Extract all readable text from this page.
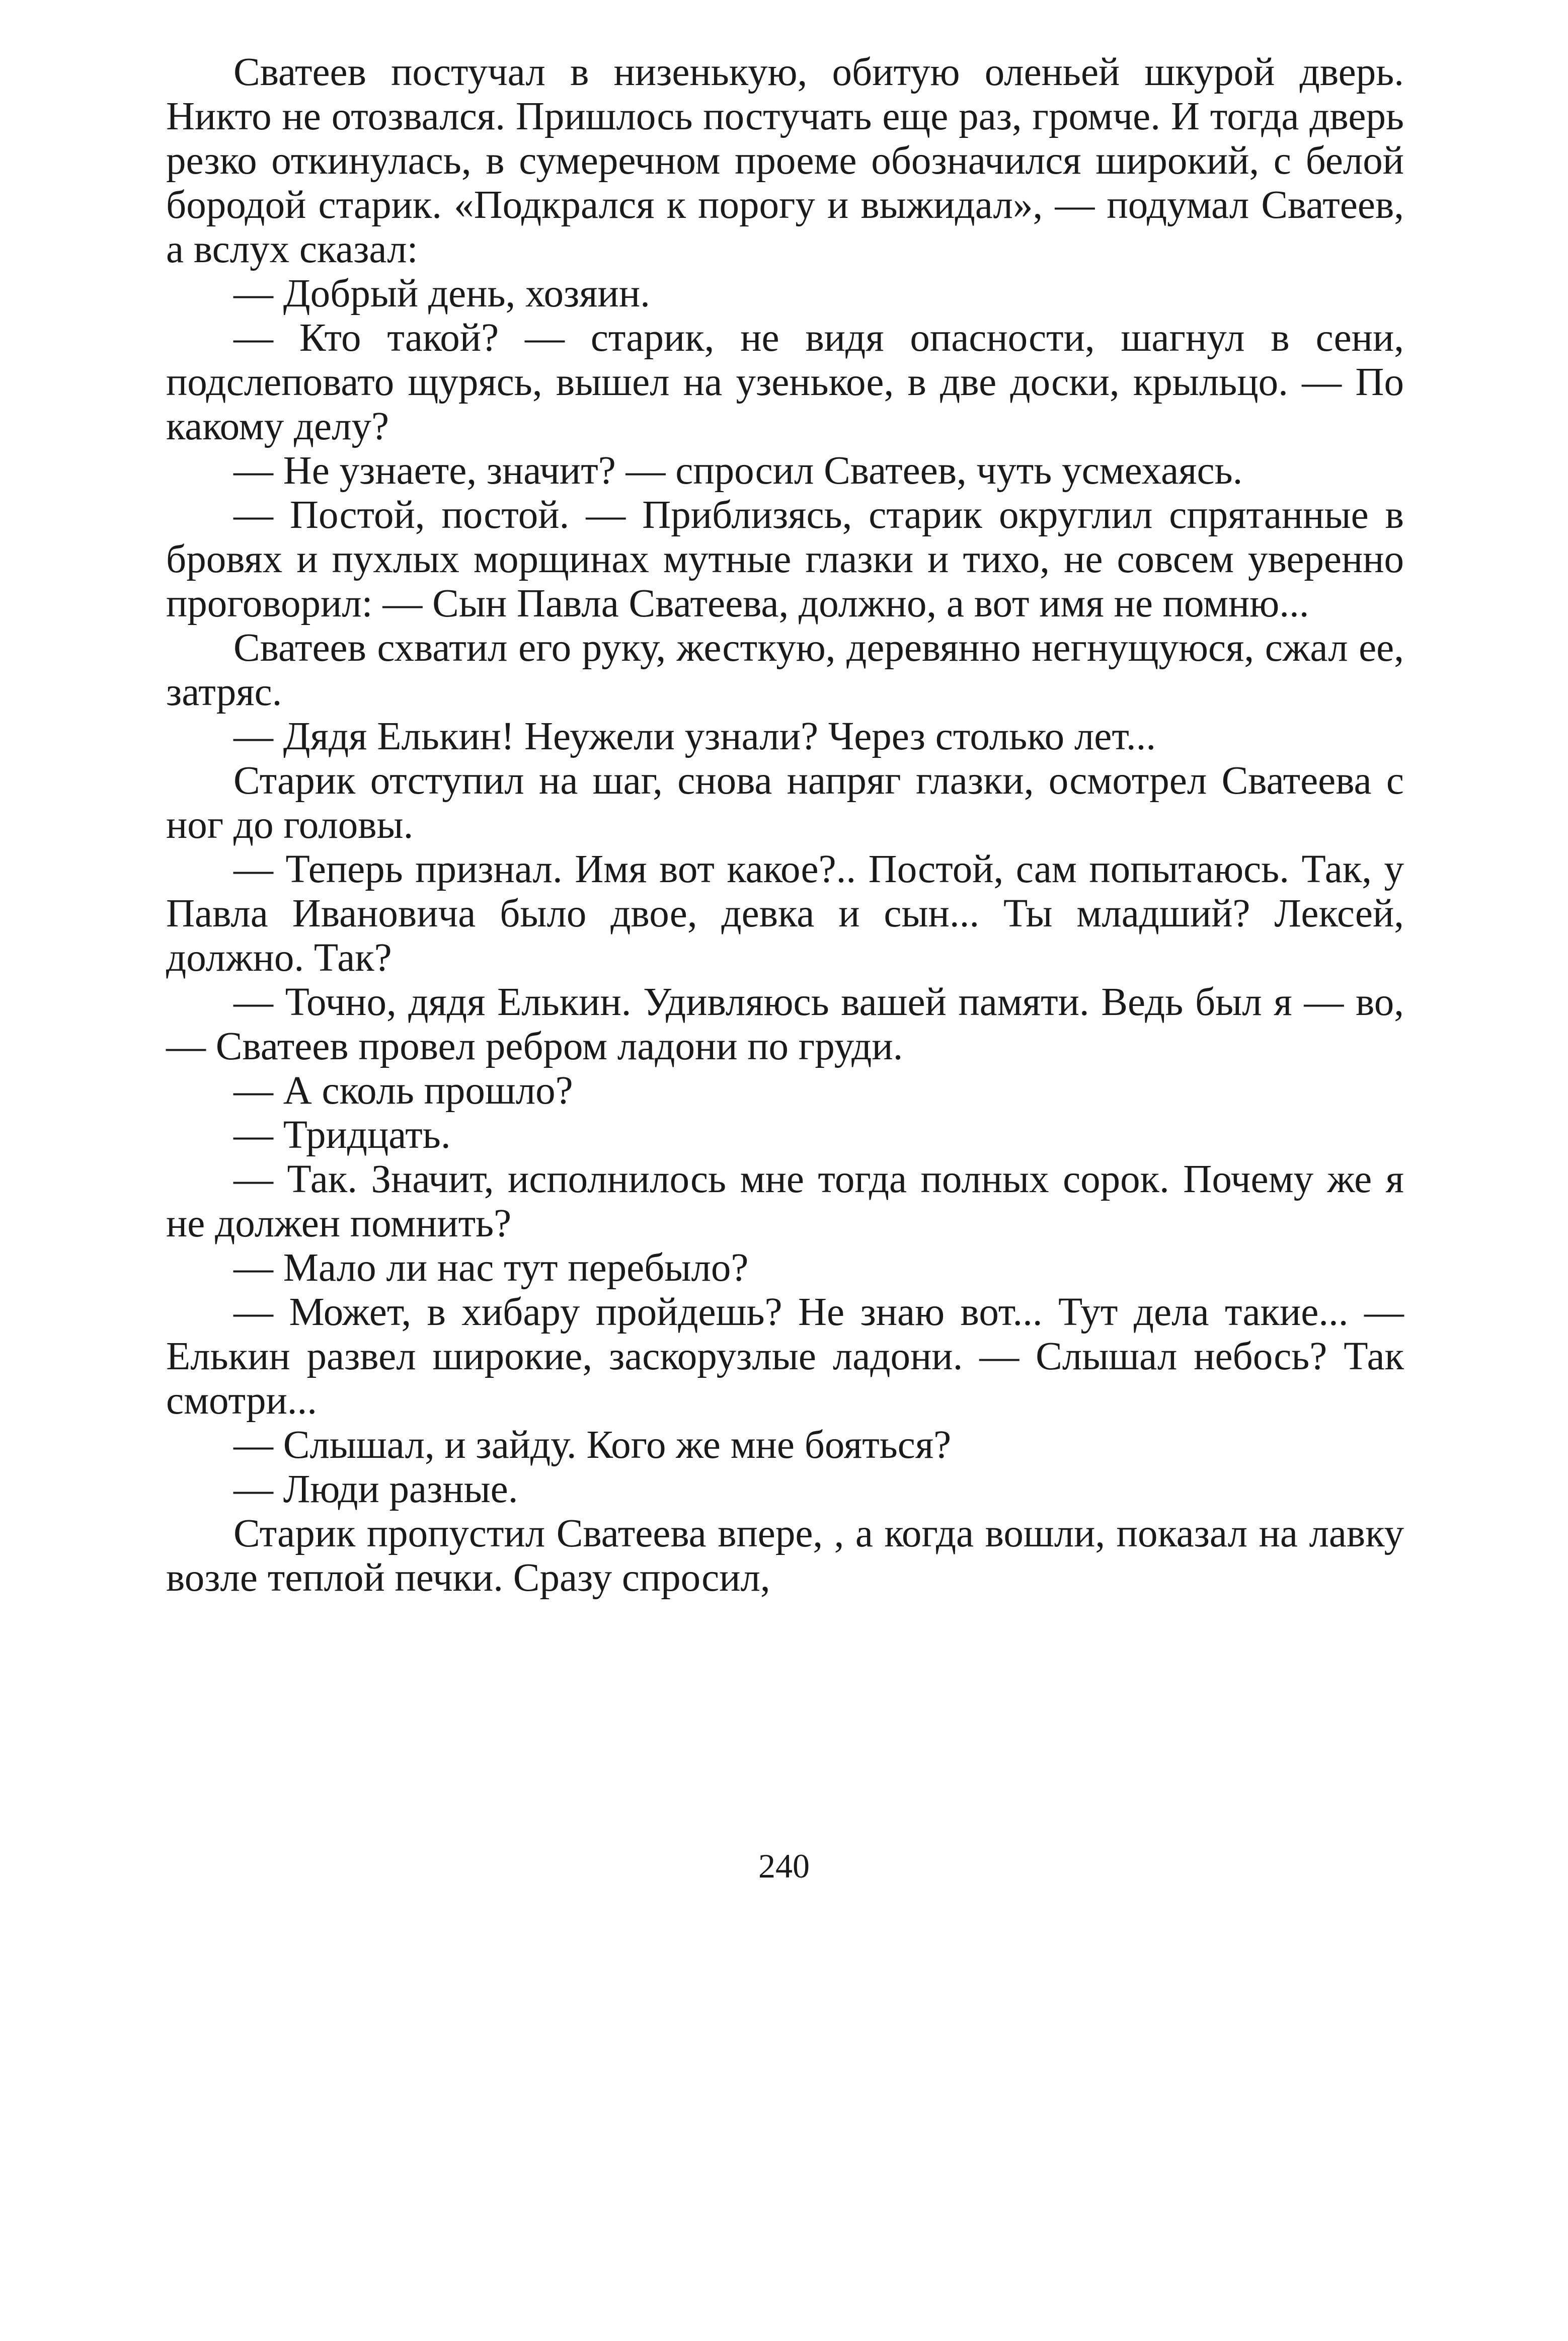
Сватеев постучал в низенькую, обитую оленьей шкурой дверь. Никто не отозвался. Пришлось постучать еще раз, громче. И тогда дверь резко откинулась, в сумеречном проеме обозначился широкий, с белой бородой старик. «Подкрался к порогу и выжидал», — подумал Сватеев, а вслух сказал:

— Добрый день, хозяин.

— Кто такой? — старик, не видя опасности, шагнул в сени, подслеповато щурясь, вышел на узенькое, в две доски, крыльцо. — По какому делу?

— Не узнаете, значит? — спросил Сватеев, чуть усмехаясь.

— Постой, постой. — Приблизясь, старик округлил спрятанные в бровях и пухлых морщинах мутные глазки и тихо, не совсем уверенно проговорил: — Сын Павла Сватеева, должно, а вот имя не помню...

Сватеев схватил его руку, жесткую, деревянно негнущуюся, сжал ее, затряс.

— Дядя Елькин! Неужели узнали? Через столько лет...

Старик отступил на шаг, снова напряг глазки, осмотрел Сватеева с ног до головы.

— Теперь признал. Имя вот какое?.. Постой, сам попытаюсь. Так, у Павла Ивановича было двое, девка и сын... Ты младший? Лексей, должно. Так?

— Точно, дядя Елькин. Удивляюсь вашей памяти. Ведь был я — во, — Сватеев провел ребром ладони по груди.

— А сколь прошло?

— Тридцать.

— Так. Значит, исполнилось мне тогда полных сорок. Почему же я не должен помнить?

— Мало ли нас тут перебыло?

— Может, в хибару пройдешь? Не знаю вот... Тут дела такие... — Елькин развел широкие, заскорузлые ладони. — Слышал небось? Так смотри...

— Слышал, и зайду. Кого же мне бояться?

— Люди разные.

Старик пропустил Сватеева впере, , а когда вошли, показал на лавку возле теплой печки. Сразу спросил,

240
